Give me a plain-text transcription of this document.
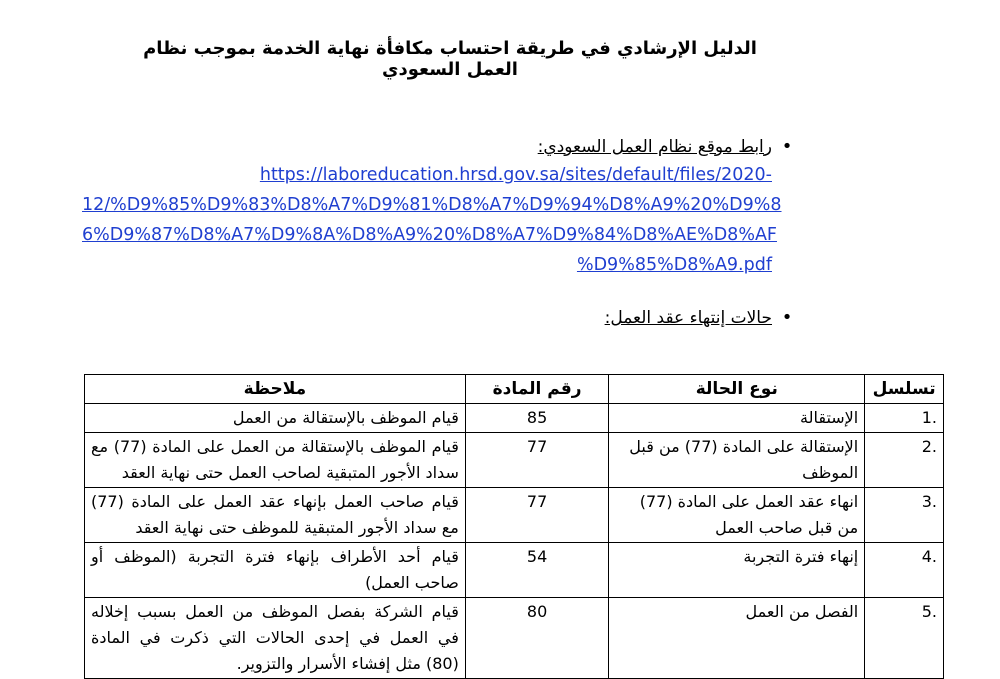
الدليل الإرشادي في طريقة احتساب مكافأة نهاية الخدمة بموجب نظام العمل السعودي
•
رابط موقع نظام العمل السعودي:
https://laboreducation.hrsd.gov.sa/sites/default/files/2020-
12/%D9%85%D9%83%D8%A7%D9%81%D8%A7%D9%94%D8%A9%20%D9%8
6%D9%87%D8%A7%D9%8A%D8%A9%20%D8%A7%D9%84%D8%AE%D8%AF
%D9%85%D8%A9.pdf
•
حالات إنتهاء عقد العمل:
تسلسل	نوع الحالة	رقم المادة	ملاحظة
1.	الإستقالة	85	قيام الموظف بالإستقالة من العمل
2.	الإستقالة على المادة (77) من قبل الموظف	77	قيام الموظف بالإستقالة من العمل على المادة (77) مع سداد الأجور المتبقية لصاحب العمل حتى نهاية العقد
3.	انهاء عقد العمل على المادة (77) من قبل صاحب العمل	77	قيام صاحب العمل بإنهاء عقد العمل على المادة (77) مع سداد الأجور المتبقية للموظف حتى نهاية العقد
4.	إنهاء فترة التجربة	54	قيام أحد الأطراف بإنهاء فترة التجربة (الموظف أو صاحب العمل)
5.	الفصل من العمل	80	قيام الشركة بفصل الموظف من العمل بسبب إخلاله في العمل في إحدى الحالات التي ذكرت في المادة (80) مثل إفشاء الأسرار والتزوير.
